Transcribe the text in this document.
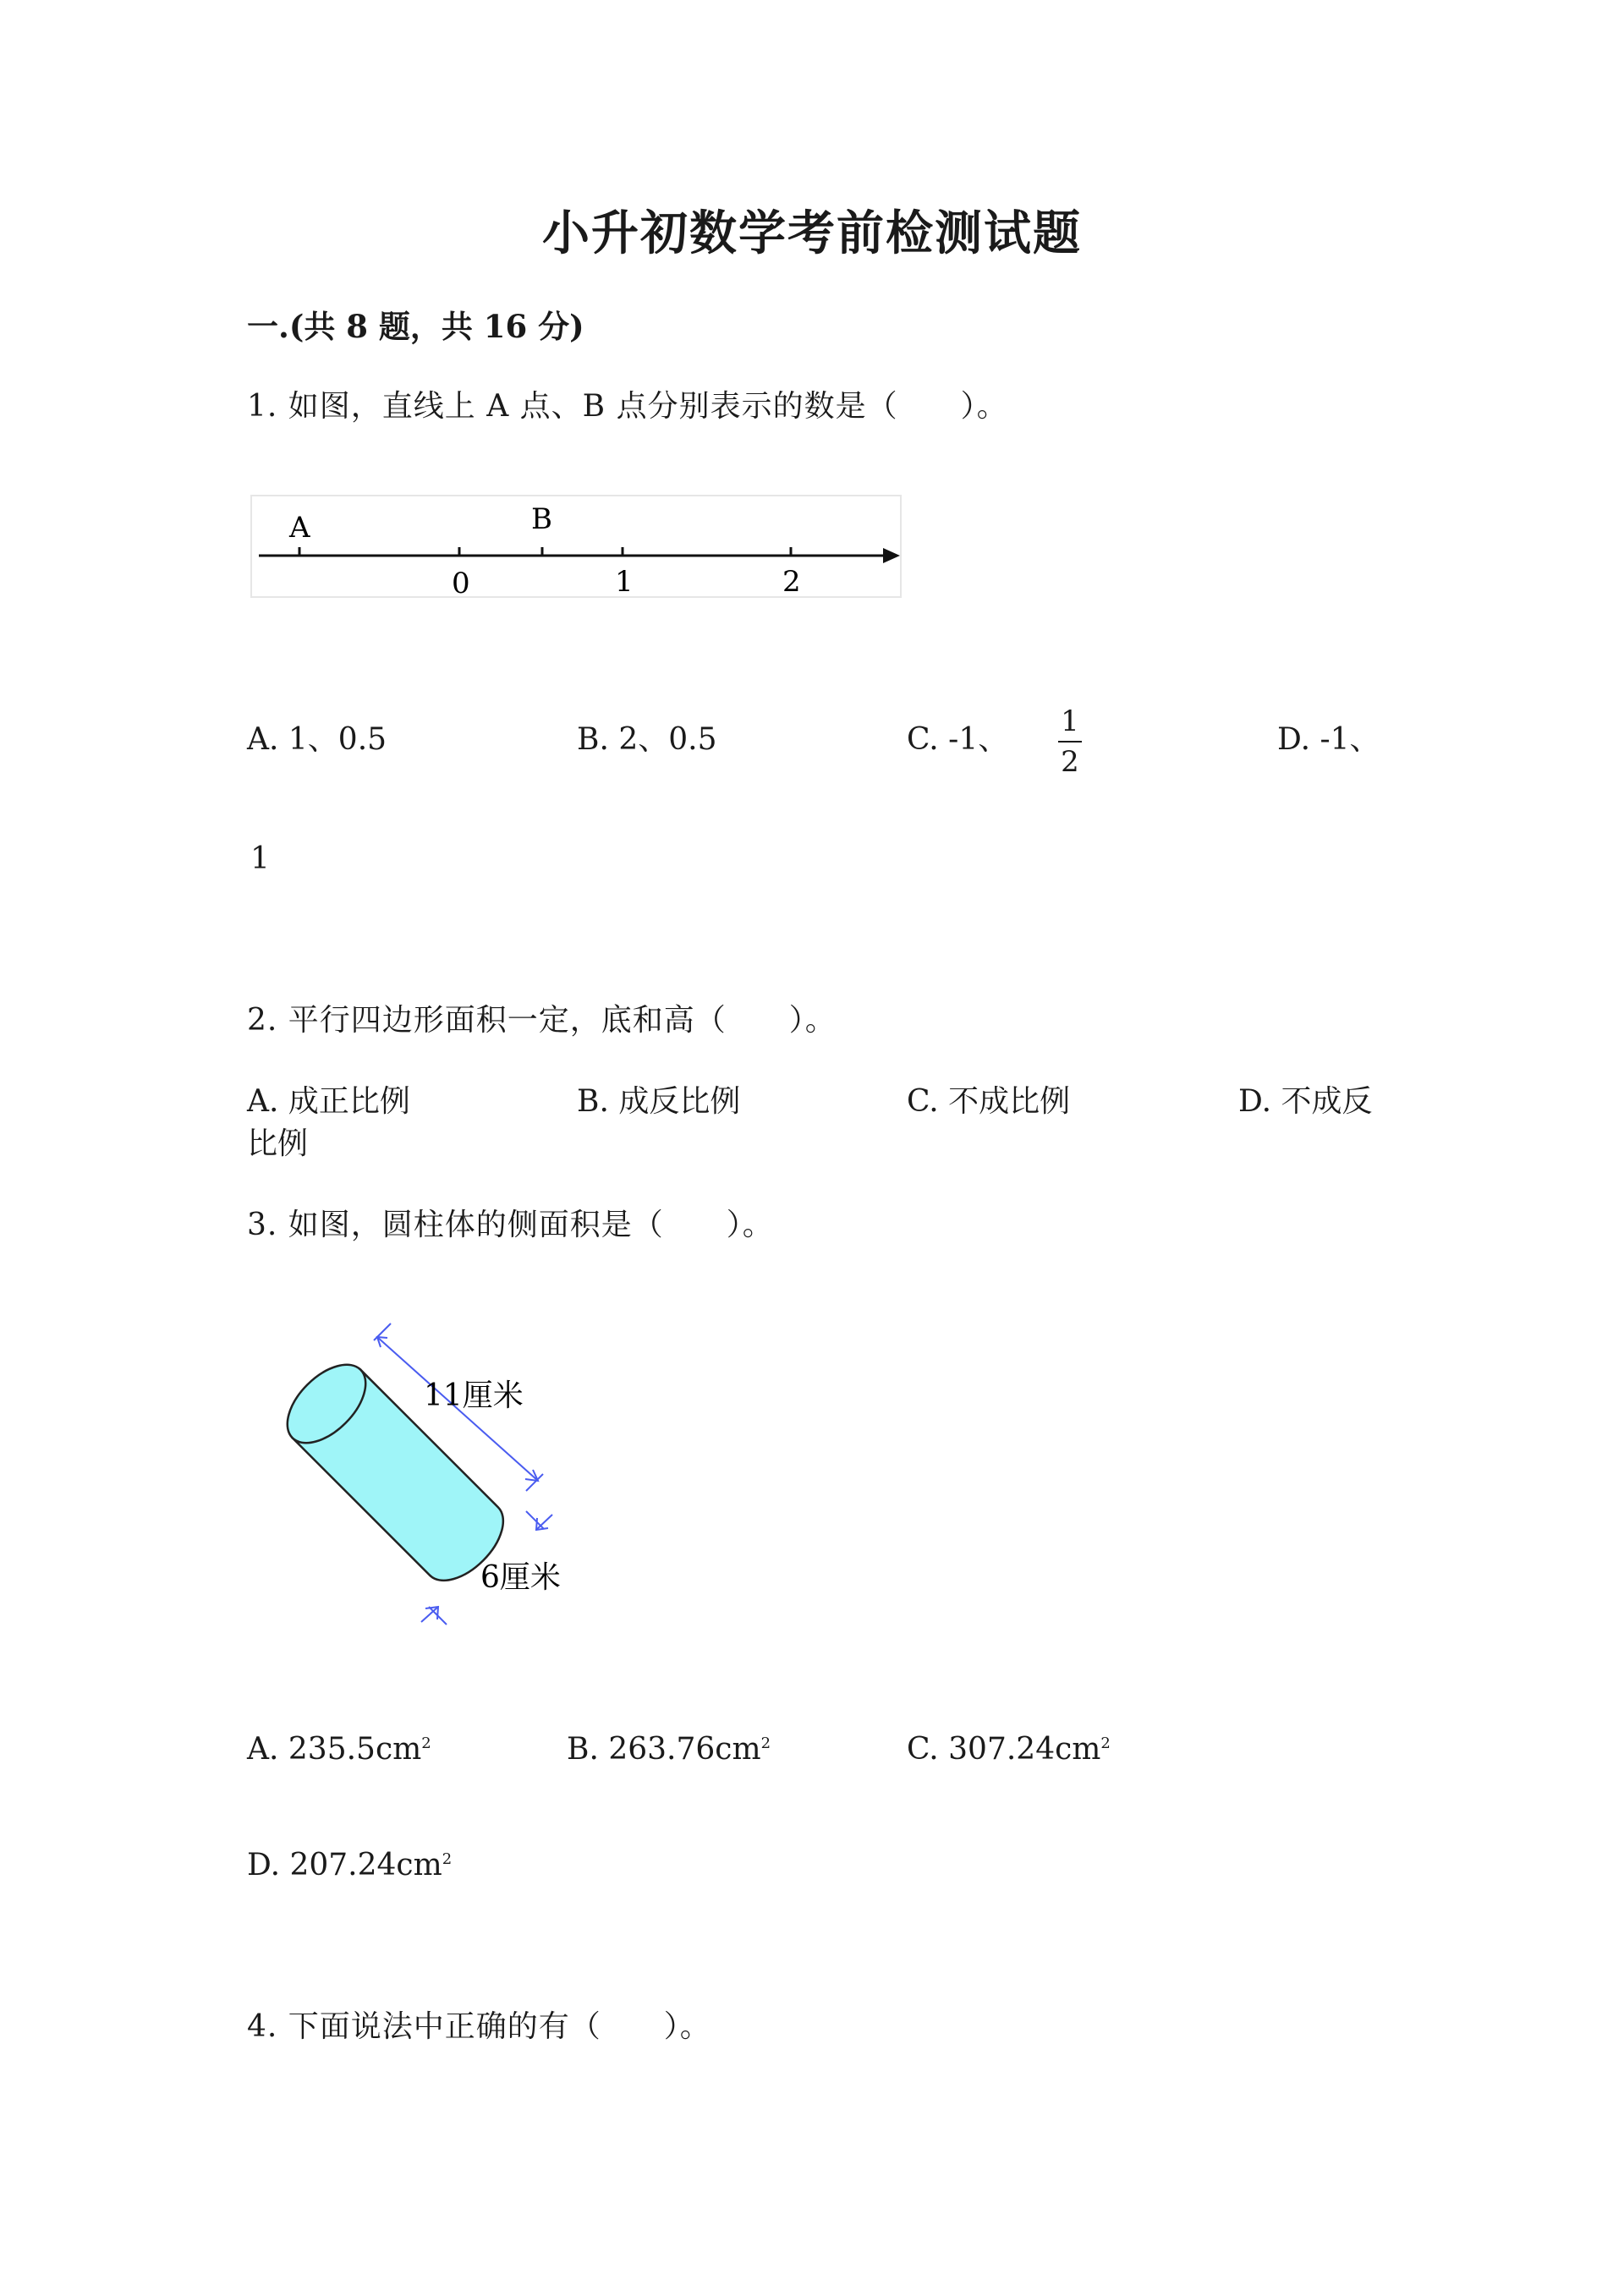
小升初数学考前检测试题
一.(共 8 题，共 16 分)
1. 如图，直线上 A 点、B 点分别表示的数是（　　）。
A	B
0	1	2
A. 1、0.5	B. 2、0.5	C. -1、
1
2
D. -1、
1
2. 平行四边形面积一定，底和高（　　）。
A. 成正比例	B. 成反比例	C. 不成比例	D. 不成反
比例
3. 如图，圆柱体的侧面积是（　　）。
11厘米
6厘米
A. $235.5cm^2$	B. $263.76cm^2$	C. $307.24cm^2$
D. $207.24cm^2$
4. 下面说法中正确的有（　　）。
